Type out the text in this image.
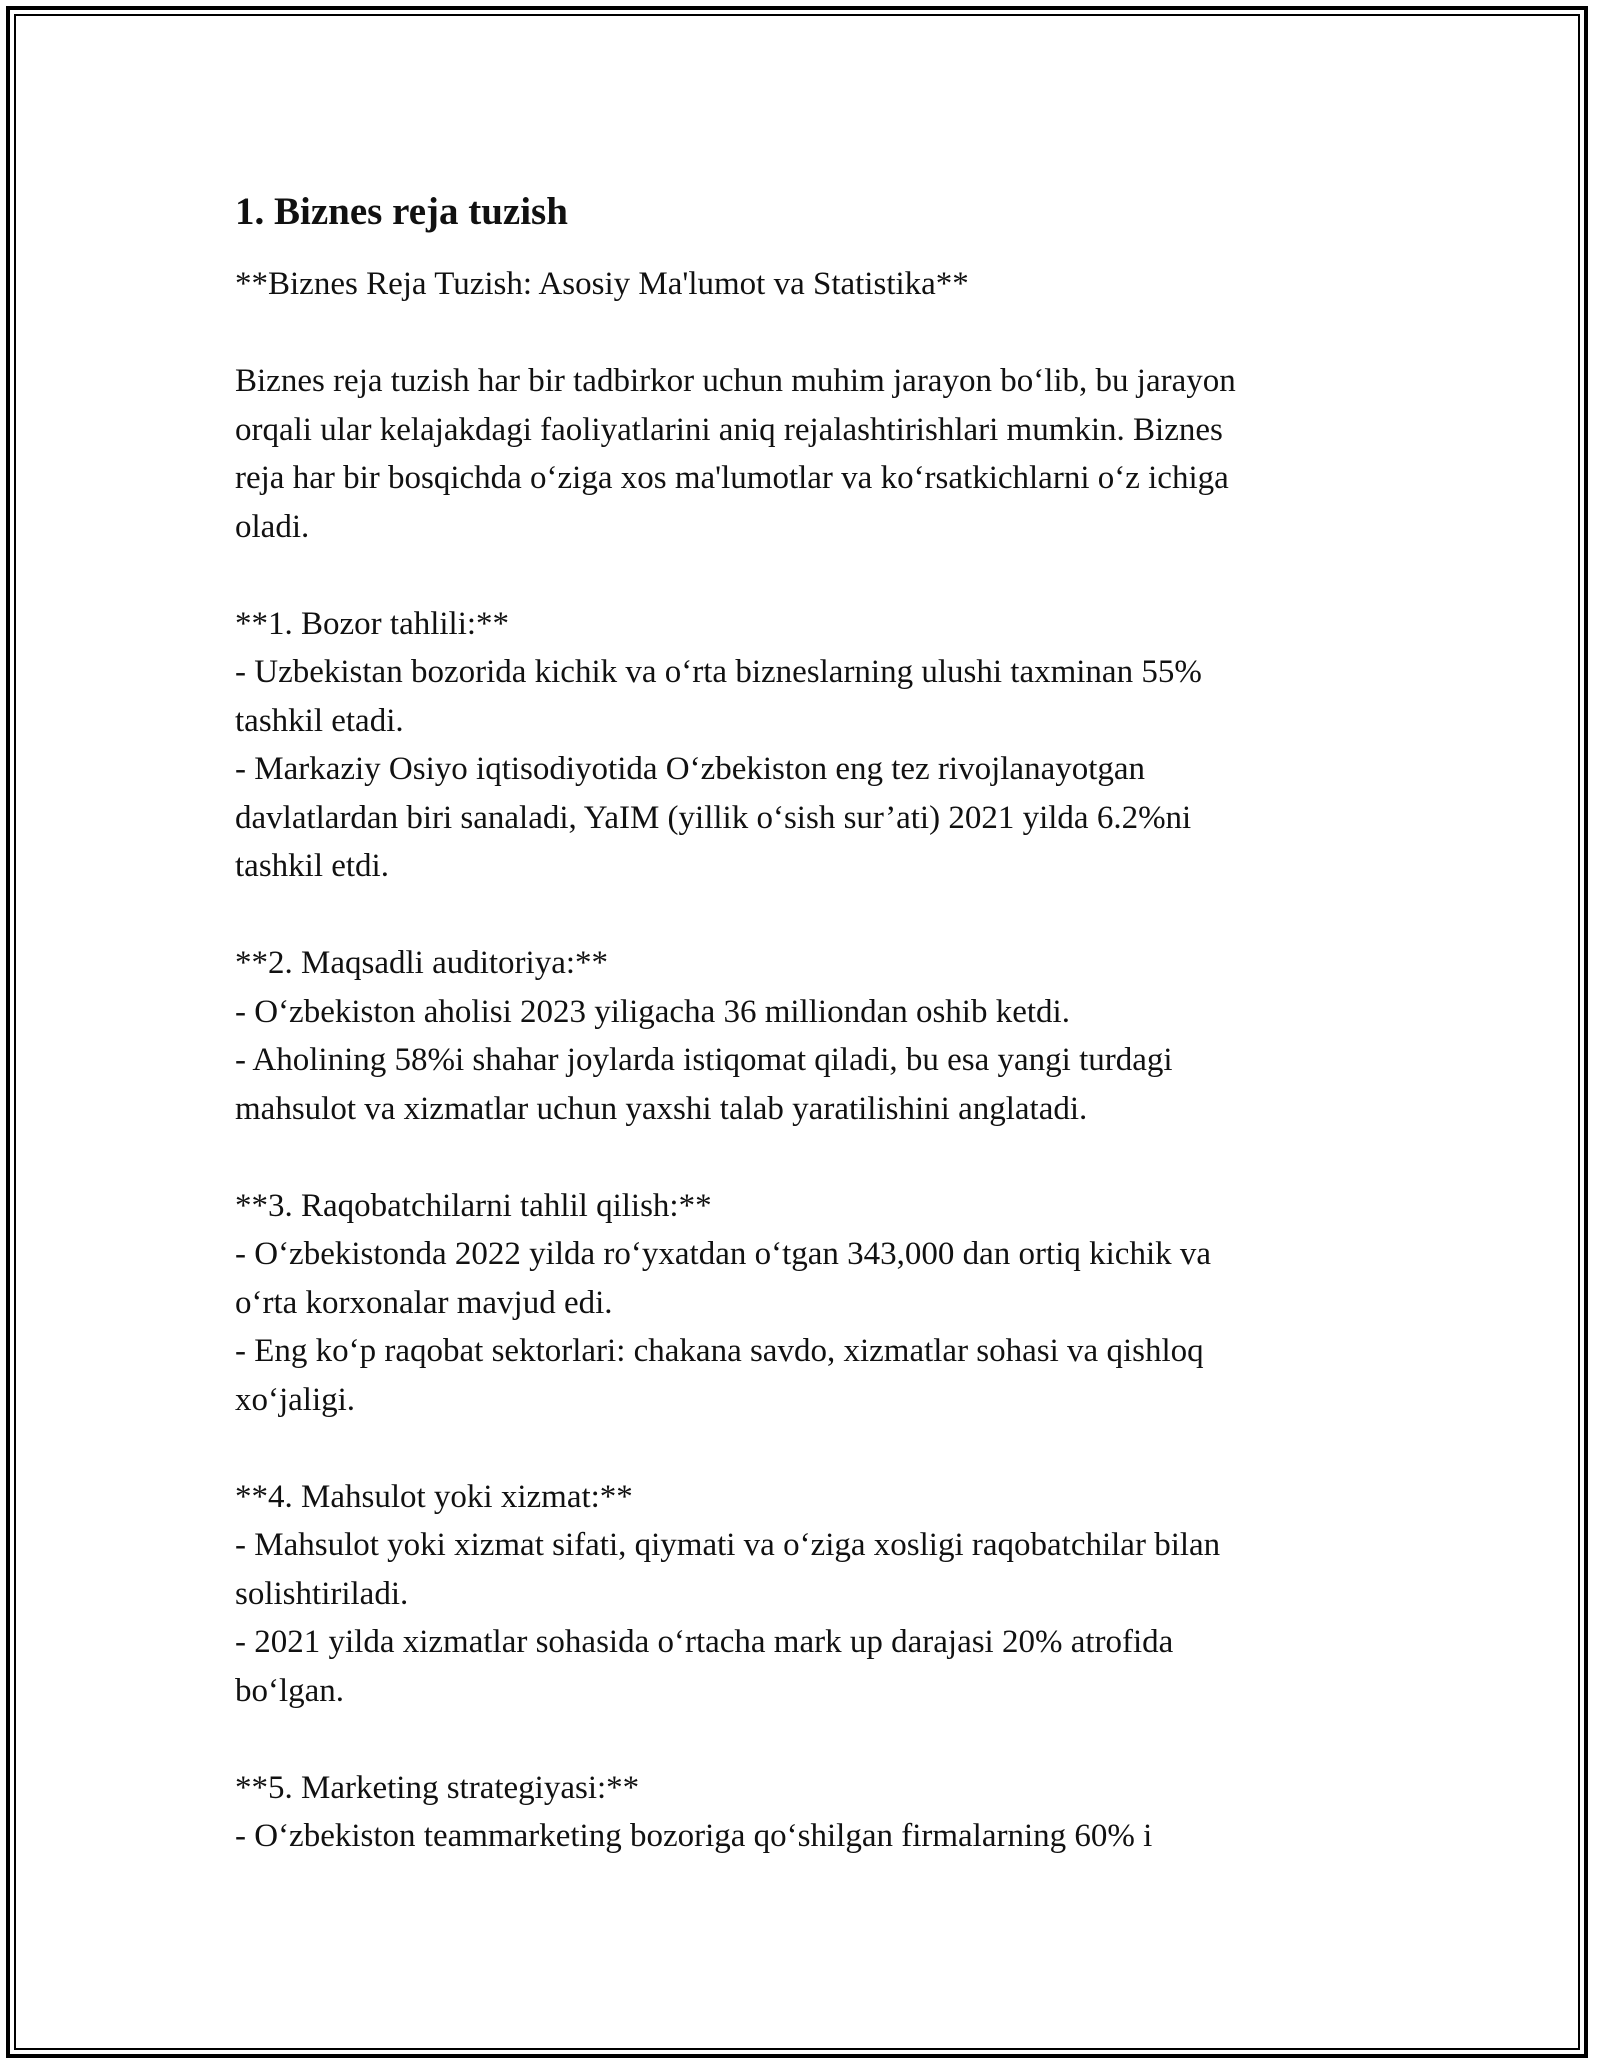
1. Biznes reja tuzish

**Biznes Reja Tuzish: Asosiy Ma'lumot va Statistika**

Biznes reja tuzish har bir tadbirkor uchun muhim jarayon bo‘lib, bu jarayon
orqali ular kelajakdagi faoliyatlarini aniq rejalashtirishlari mumkin. Biznes
reja har bir bosqichda o‘ziga xos ma'lumotlar va ko‘rsatkichlarni o‘z ichiga
oladi.

**1. Bozor tahlili:**
- Uzbekistan bozorida kichik va o‘rta bizneslarning ulushi taxminan 55%
tashkil etadi.
- Markaziy Osiyo iqtisodiyotida O‘zbekiston eng tez rivojlanayotgan
davlatlardan biri sanaladi, YaIM (yillik o‘sish sur’ati) 2021 yilda 6.2%ni
tashkil etdi.

**2. Maqsadli auditoriya:**
- O‘zbekiston aholisi 2023 yiligacha 36 milliondan oshib ketdi.
- Aholining 58%i shahar joylarda istiqomat qiladi, bu esa yangi turdagi
mahsulot va xizmatlar uchun yaxshi talab yaratilishini anglatadi.

**3. Raqobatchilarni tahlil qilish:**
- O‘zbekistonda 2022 yilda ro‘yxatdan o‘tgan 343,000 dan ortiq kichik va
o‘rta korxonalar mavjud edi.
- Eng ko‘p raqobat sektorlari: chakana savdo, xizmatlar sohasi va qishloq
xo‘jaligi.

**4. Mahsulot yoki xizmat:**
- Mahsulot yoki xizmat sifati, qiymati va o‘ziga xosligi raqobatchilar bilan
solishtiriladi.
- 2021 yilda xizmatlar sohasida o‘rtacha mark up darajasi 20% atrofida
bo‘lgan.

**5. Marketing strategiyasi:**
- O‘zbekiston teammarketing bozoriga qo‘shilgan firmalarning 60% i
